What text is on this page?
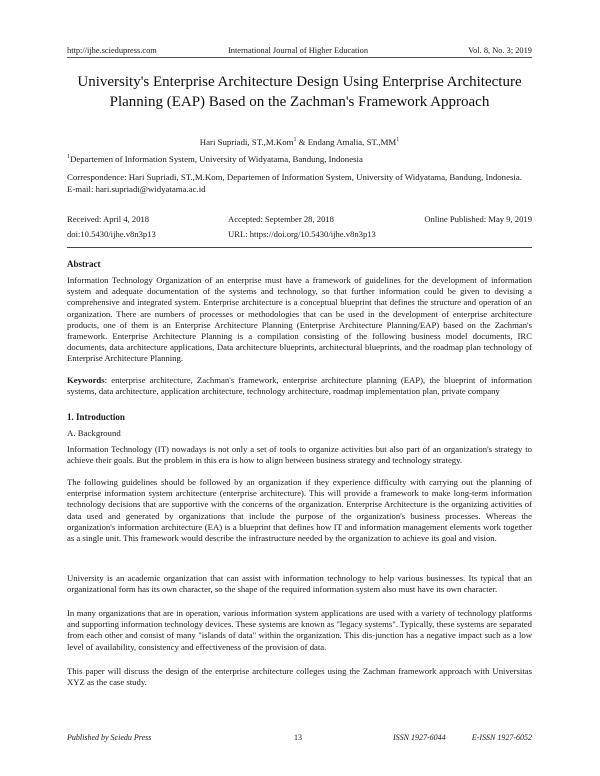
http://ijhe.sciedupress.com	International Journal of Higher Education	Vol. 8, No. 3; 2019
University's Enterprise Architecture Design Using Enterprise Architecture Planning (EAP) Based on the Zachman's Framework Approach
Hari Supriadi, ST.,M.Kom$^1$ & Endang Amalia, $ST.,MM^1$
$^1$Departemen of Information System, University of Widyatama, Bandung, Indonesia
Correspondence: Hari Supriadi, ST.,M.Kom, Departemen of Information System, University of Widyatama, Bandung, Indonesia. E-mail: hari.supriadi@widyatama.ac.id
Received: April 4, 2018	Accepted: September 28, 2018	Online Published: May 9, 2019
doi:10.5430/ijhe.v8n3p13	URL: https://doi.org/10.5430/ijhe.v8n3p13
Abstract

Information Technology Organization of an enterprise must have a framework of guidelines for the development of information system and adequate documentation of the systems and technology, so that further information could be given to devising a comprehensive and integrated system. Enterprise architecture is a conceptual blueprint that defines the structure and operation of an organization. There are numbers of processes or methodologies that can be used in the development of enterprise architecture products, one of them is an Enterprise Architecture Planning (Enterprise Architecture Planning/EAP) based on the Zachman's framework. Enterprise Architecture Planning is a compilation consisting of the following business model documents, IRC documents, data architecture applications, Data architecture blueprints, architectural blueprints, and the roadmap plan technology of Enterprise Architecture Planning.

Keywords: enterprise architecture, Zachman's framework, enterprise architecture planning (EAP), the blueprint of information systems, data architecture, application architecture, technology architecture, roadmap implementation plan, private company

1. Introduction
A. Background

Information Technology (IT) nowadays is not only a set of tools to organize activities but also part of an organization's strategy to achieve their goals. But the problem in this era is how to align between business strategy and technology strategy.

The following guidelines should be followed by an organization if they experience difficulty with carrying out the planning of enterprise information system architecture (enterprise architecture). This will provide a framework to make long-term information technology decisions that are supportive with the concerns of the organization. Enterprise Architecture is the organizing activities of data used and generated by organizations that include the purpose of the organization's business processes. Whereas the organization's information architecture (EA) is a blueprint that defines how IT and information management elements work together as a single unit. This framework would describe the infrastructure needed by the organization to achieve its goal and vision.

University is an academic organization that can assist with information technology to help various businesses. Its typical that an organizational form has its own character, so the shape of the required information system also must have its own character.

In many organizations that are in operation, various information system applications are used with a variety of technology platforms and supporting information technology devices. These systems are known as "legacy systems". Typically, these systems are separated from each other and consist of many "islands of data" within the organization. This dis-junction has a negative impact such as a low level of availability, consistency and effectiveness of the provision of data.

This paper will discuss the design of the enterprise architecture colleges using the Zachman framework approach with Universitas XYZ as the case study.

Published by Sciedu Press	13	ISSN 1927-6044	E-ISSN 1927-6052
